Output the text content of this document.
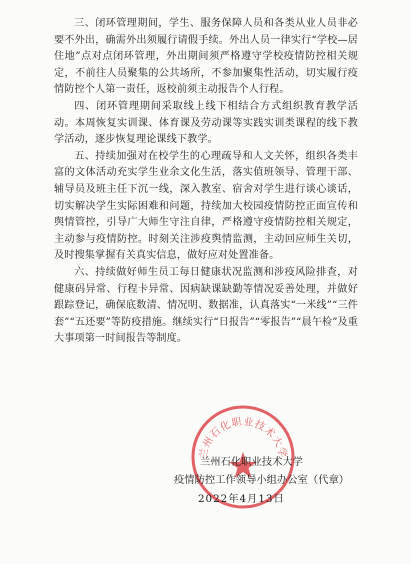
三、闭环管理期间，学生、服务保障人员和各类从业人员非必要不外出，确需外出须履行请假手续。外出人员一律实行“学校—居住地”点对点闭环管理，外出期间须严格遵守学校疫情防控相关规定，不前往人员聚集的公共场所，不参加聚集性活动，切实履行疫情防控个人第一责任，返校前须主动报告个人行程。

四、闭环管理期间采取线上线下相结合方式组织教育教学活动。本周恢复实训课、体育课及劳动课等实践实训类课程的线下教学活动，逐步恢复理论课线下教学。

五、持续加强对在校学生的心理疏导和人文关怀，组织各类丰富的文体活动充实学生业余文化生活，落实值班领导、管理干部、辅导员及班主任下沉一线，深入教室、宿舍对学生进行谈心谈话，切实解决学生实际困难和问题，持续加大校园疫情防控正面宣传和舆情管控，引导广大师生守注自律，严格遵守疫情防控相关规定，主动参与疫情防控。时刻关注涉疫舆情监测，主动回应师生关切，及时搜集掌握有关真实信息，做好应对处置准备。

六、持续做好师生员工每日健康状况监测和涉疫风险排查，对健康码异常、行程卡异常、因病缺课缺勤等情况妥善处理，并做好跟踪登记，确保底数清、情况明、数据准，认真落实“一米线”“三件套”“五还要”等防疫措施。继续实行“日报告”“零报告”“晨午检”及重大事项第一时间报告等制度。

兰州石化职业技术大学
兰州石化职业技术大学
疫情防控工作领导小组办公室（代章）
2022年4月13日
